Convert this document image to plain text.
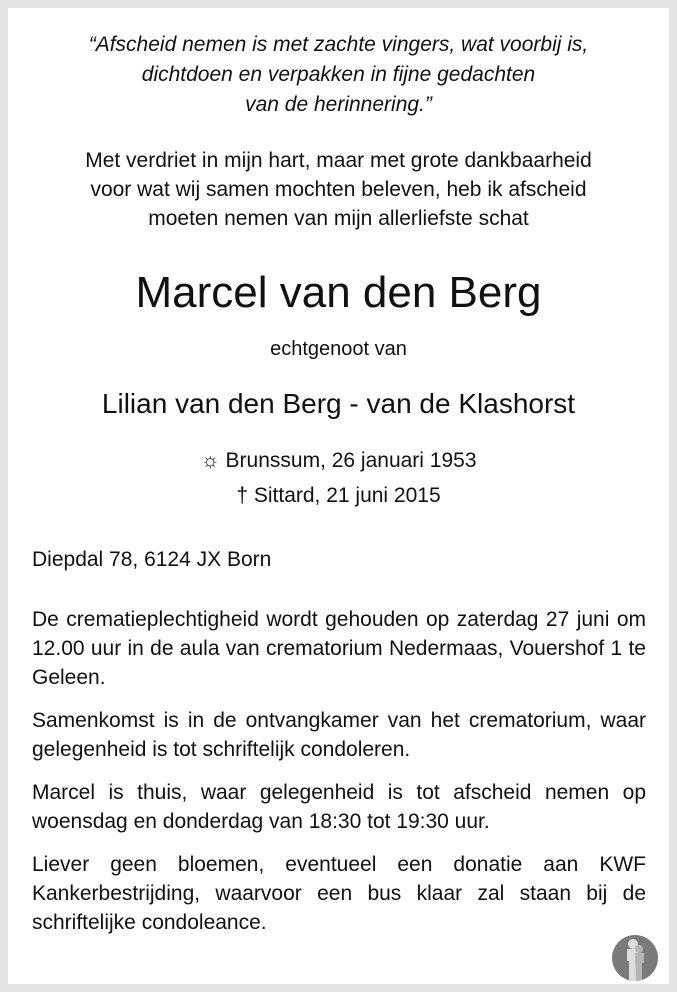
“Afscheid nemen is met zachte vingers, wat voorbij is,
dichtdoen en verpakken in fijne gedachten
van de herinnering.”
Met verdriet in mijn hart, maar met grote dankbaarheid
voor wat wij samen mochten beleven, heb ik afscheid
moeten nemen van mijn allerliefste schat
Marcel van den Berg
echtgenoot van
Lilian van den Berg - van de Klashorst
☼ Brunssum, 26 januari 1953
† Sittard, 21 juni 2015
Diepdal 78, 6124 JX Born

De crematieplechtigheid wordt gehouden op zaterdag 27 juni om 12.00 uur in de aula van crematorium Nedermaas, Vouershof 1 te Geleen.

Samenkomst is in de ontvangkamer van het crematorium, waar gelegenheid is tot schriftelijk condoleren.

Marcel is thuis, waar gelegenheid is tot afscheid nemen op woensdag en donderdag van 18:30 tot 19:30 uur.

Liever geen bloemen, eventueel een donatie aan KWF Kankerbestrijding, waarvoor een bus klaar zal staan bij de schriftelijke condoleance.
